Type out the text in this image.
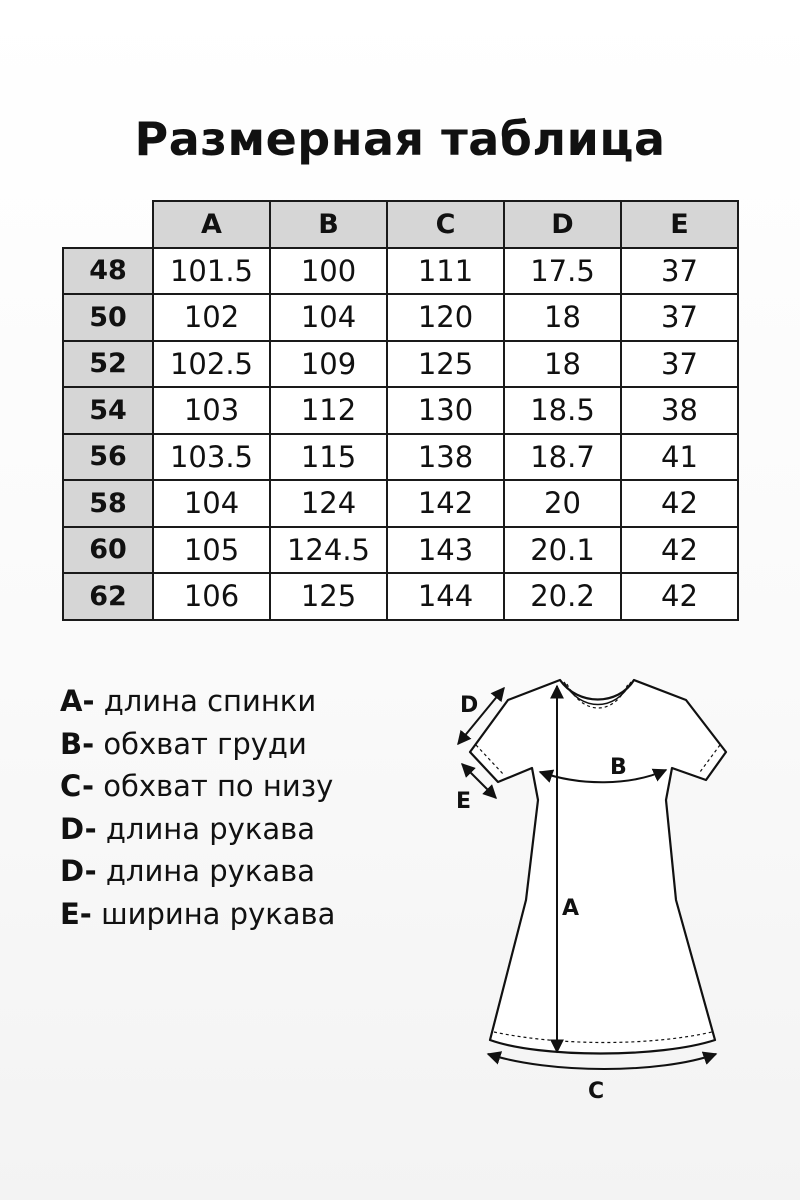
Размерная таблица
	A	B	C	D	E
48	101.5	100	111	17.5	37
50	102	104	120	18	37
52	102.5	109	125	18	37
54	103	112	130	18.5	38
56	103.5	115	138	18.7	41
58	104	124	142	20	42
60	105	124.5	143	20.1	42
62	106	125	144	20.2	42
A- длина спинки
B- обхват груди
C- обхват по низу
D- длина рукава
D- длина рукава
E- ширина рукава	A
B
C
D
E
